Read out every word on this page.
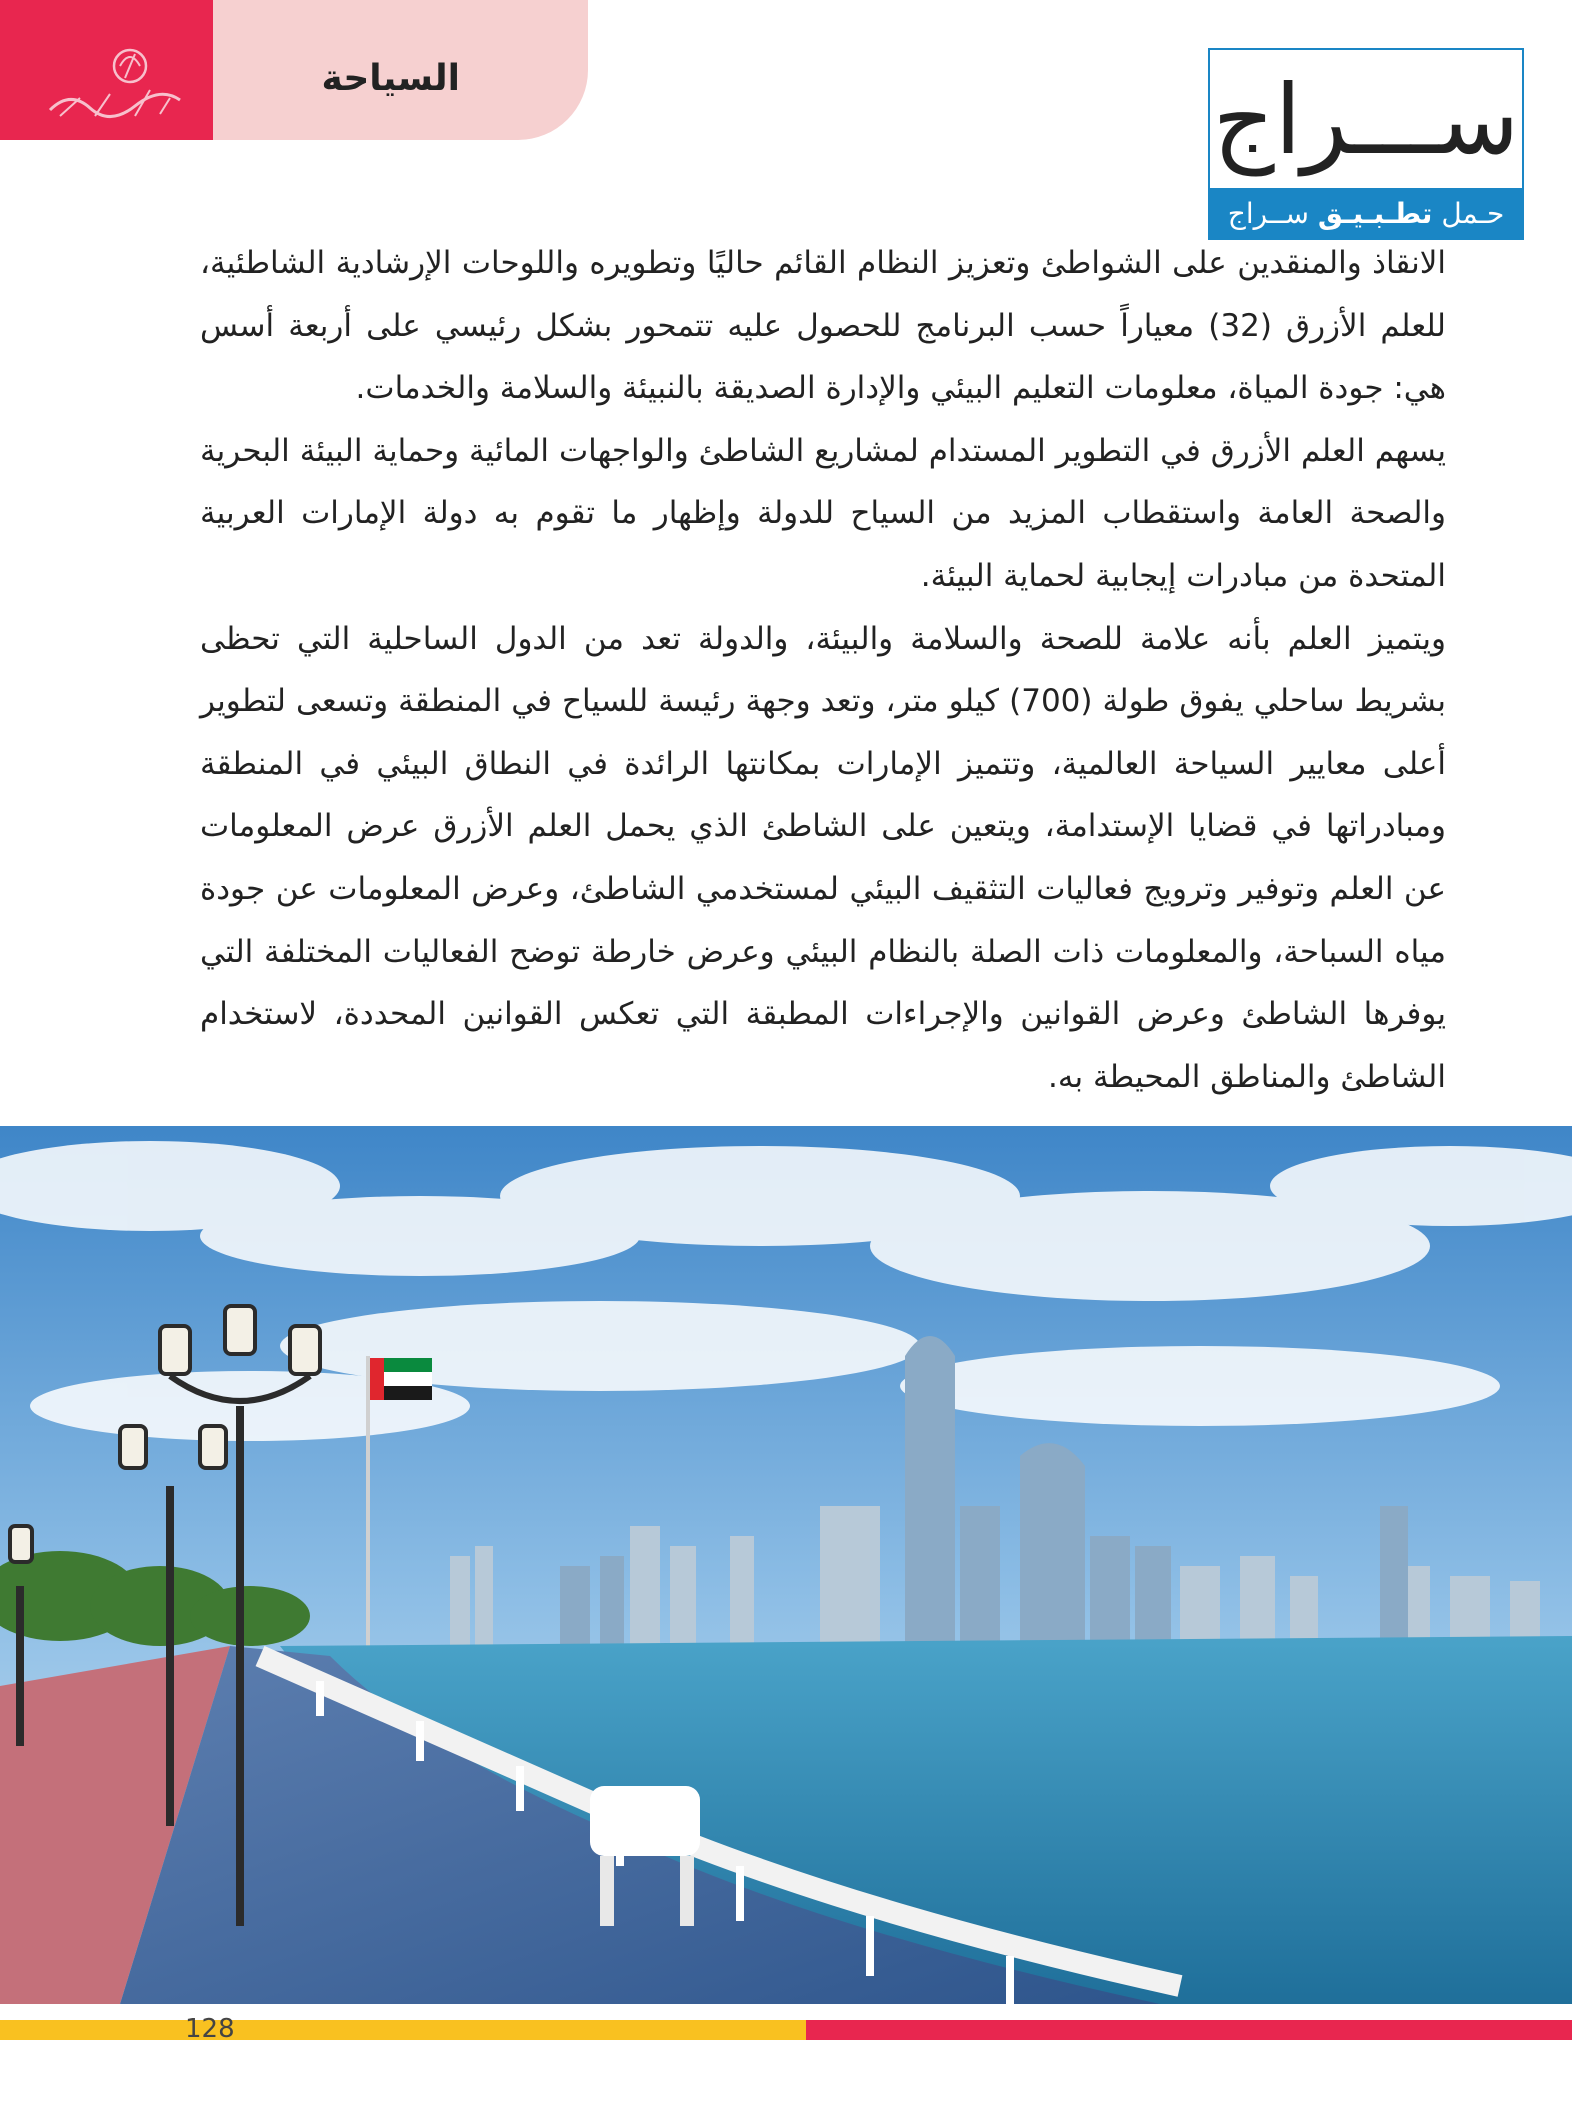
السياحة	ســـراج
حـمل تطـبـيـق ســراج

الانقاذ والمنقدين على الشواطئ وتعزيز النظام القائم حاليًا وتطويره واللوحات الإرشادية الشاطئية، للعلم الأزرق (32) معياراً حسب البرنامج للحصول عليه تتمحور بشكل رئيسي على أربعة أسس هي: جودة المياة، معلومات التعليم البيئي والإدارة الصديقة بالنبيئة والسلامة والخدمات.

يسهم العلم الأزرق في التطوير المستدام لمشاريع الشاطئ والواجهات المائية وحماية البيئة البحرية والصحة العامة واستقطاب المزيد من السياح للدولة وإظهار ما تقوم به دولة الإمارات العربية المتحدة من مبادرات إيجابية لحماية البيئة.

ويتميز العلم بأنه علامة للصحة والسلامة والبيئة، والدولة تعد من الدول الساحلية التي تحظى بشريط ساحلي يفوق طولة (700) كيلو متر، وتعد وجهة رئيسة للسياح في المنطقة وتسعى لتطوير أعلى معايير السياحة العالمية، وتتميز الإمارات بمكانتها الرائدة في النطاق البيئي في المنطقة ومبادراتها في قضايا الإستدامة، ويتعين على الشاطئ الذي يحمل العلم الأزرق عرض المعلومات عن العلم وتوفير وترويج فعاليات التثقيف البيئي لمستخدمي الشاطئ، وعرض المعلومات عن جودة مياه السباحة، والمعلومات ذات الصلة بالنظام البيئي وعرض خارطة توضح الفعاليات المختلفة التي يوفرها الشاطئ وعرض القوانين والإجراءات المطبقة التي تعكس القوانين المحددة، لاستخدام الشاطئ والمناطق المحيطة به.

128
